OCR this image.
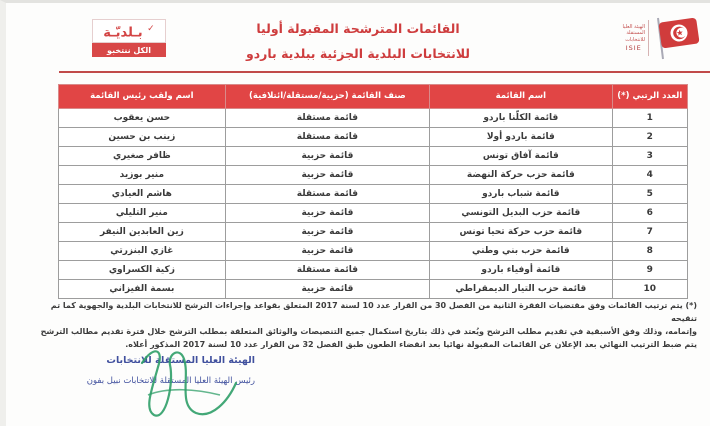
✓ بـلديّـة
الكل ننتخبو
القائمات المترشحة المقبولة أوليا
للانتخابات البلدية الجزئية ببلدية باردو
الهيئة العليا
المستقلة
للانتخابات
ISIE
العدد الرتبي (*)	اسم القائمة	صنف القائمة (حزبية/مستقلة/ائتلافية)	اسم ولقب رئيس القائمة
1	قائمة الكلّنا باردو	قائمة مستقلة	حسن يعقوب
2	قائمة باردو أولا	قائمة مستقلة	زينب بن حسين
3	قائمة آفاق تونس	قائمة حزبية	ظافر صغيري
4	قائمة حزب حركة النهضة	قائمة حزبية	منير بوزيد
5	قائمة شباب باردو	قائمة مستقلة	هاشم العيادي
6	قائمة حزب البديل التونسي	قائمة حزبية	منير التليلي
7	قائمة حزب حركة تحيا تونس	قائمة حزبية	زين العابدين النيفر
8	قائمة حزب بني وطني	قائمة حزبية	غازي البنزرتي
9	قائمة أوفياء باردو	قائمة مستقلة	زكية الكسراوي
10	قائمة حزب التيار الديمقراطي	قائمة حزبية	بسمة الفيزاني
(*) يتم ترتيب القائمات وفق مقتضيات الفقرة الثانية من الفصل 30 من القرار عدد 10 لسنة 2017 المتعلق بقواعد وإجراءات الترشح للانتخابات البلدية والجهوية كما تم تنقيحه
وإتمامه، وذلك وفق الأسبقية في تقديم مطلب الترشح ويُعتد في ذلك بتاريخ استكمال جميع التنصيصات والوثائق المتعلقة بمطلب الترشح خلال فترة تقديم مطالب الترشح
يتم ضبط الترتيب النهائي بعد الإعلان عن القائمات المقبولة نهائيا بعد انقضاء الطعون طبق الفصل 32 من القرار عدد 10 لسنة 2017 المذكور أعلاه.
الهيئة العليا المستقلة للانتخابات
رئيس الهيئة العليا المستقلة للانتخابات نبيل بفون
